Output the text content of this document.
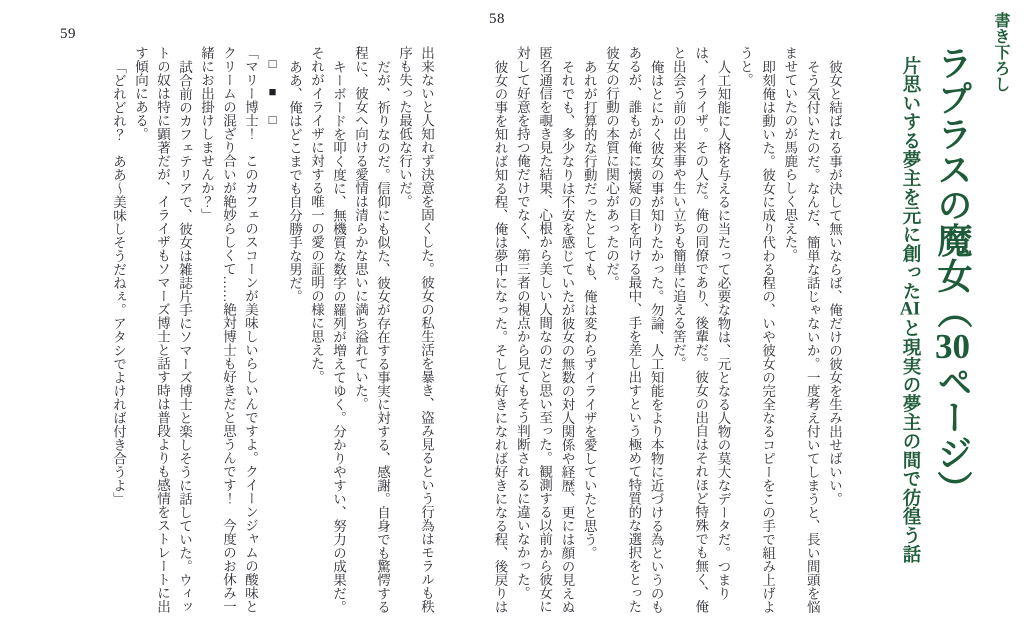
58
59	書き下ろし
ラプラスの魔女（30ページ）
片思いする夢主を元に創ったAIと現実の夢主の間で彷徨う話

彼女と結ばれる事が決して無いならば、俺だけの彼女を生み出せばいい。

そう気付いたのだ。なんだ、簡単な話じゃないか。一度考え付いてしまうと、長い間頭を悩ませていたのが馬鹿らしく思えた。

即刻俺は動いた。彼女に成り代わる程の、いや彼女の完全なるコピーをこの手で組み上げようと。

人工知能に人格を与えるに当たって必要な物は、元となる人物の莫大なデータだ。つまりは、イライザ。その人だ。俺の同僚であり、後輩だ。彼女の出自はそれほど特殊でも無く、俺と出会う前の出来事や生い立ちも簡単に追える筈だ。

俺はとにかく彼女の事が知りたかった。勿論、人工知能をより本物に近づける為というのもあるが、誰もが俺に懐疑の目を向ける最中、手を差し出すという極めて特質的な選択をとった彼女の行動の本質に関心があったのだ。

あれが打算的な行動だったとしても、俺は変わらずイライザを愛していたと思う。

それでも、多少なりは不安を感じていたが彼女の無数の対人関係や経歴、更には顔の見えぬ匿名通信を覗き見た結果、心根から美しい人間なのだと思い至った。観測する以前から彼女に対して好意を持つ俺だけでなく、第三者の視点から見てもそう判断されるに違いなかった。

彼女の事を知れば知る程、俺は夢中になった。そして好きになれば好きになる程、後戻りは

出来ないと人知れず決意を固くした。彼女の私生活を暴き、盗み見るという行為はモラルも秩序も失った最低な行いだ。

だが、祈りなのだ。信仰にも似た、彼女が存在する事実に対する、感謝。自身でも驚愕する程に、彼女へ向ける愛情は清らかな思いに満ち溢れていた。

キーボードを叩く度に、無機質な数字の羅列が増えてゆく。分かりやすい、努力の成果だ。それがイライザに対する唯一の愛の証明の様に思えた。

ああ、俺はどこまでも自分勝手な男だ。

□■□

「マリー博士！　このカフェのスコーンが美味しいらしいんですよ。クイーンジャムの酸味とクリームの混ざり合いが絶妙らしくて……絶対博士も好きだと思うんです！　今度のお休み一緒にお出掛けしませんか？」

試合前のカフェテリアで、彼女は雑誌片手にソマーズ博士と楽しそうに話していた。ウィットの奴は特に顕著だが、イライザもソマーズ博士と話す時は普段よりも感情をストレートに出す傾向にある。

「どれどれ？　ああ～美味しそうだねぇ。アタシでよければ付き合うよ」
